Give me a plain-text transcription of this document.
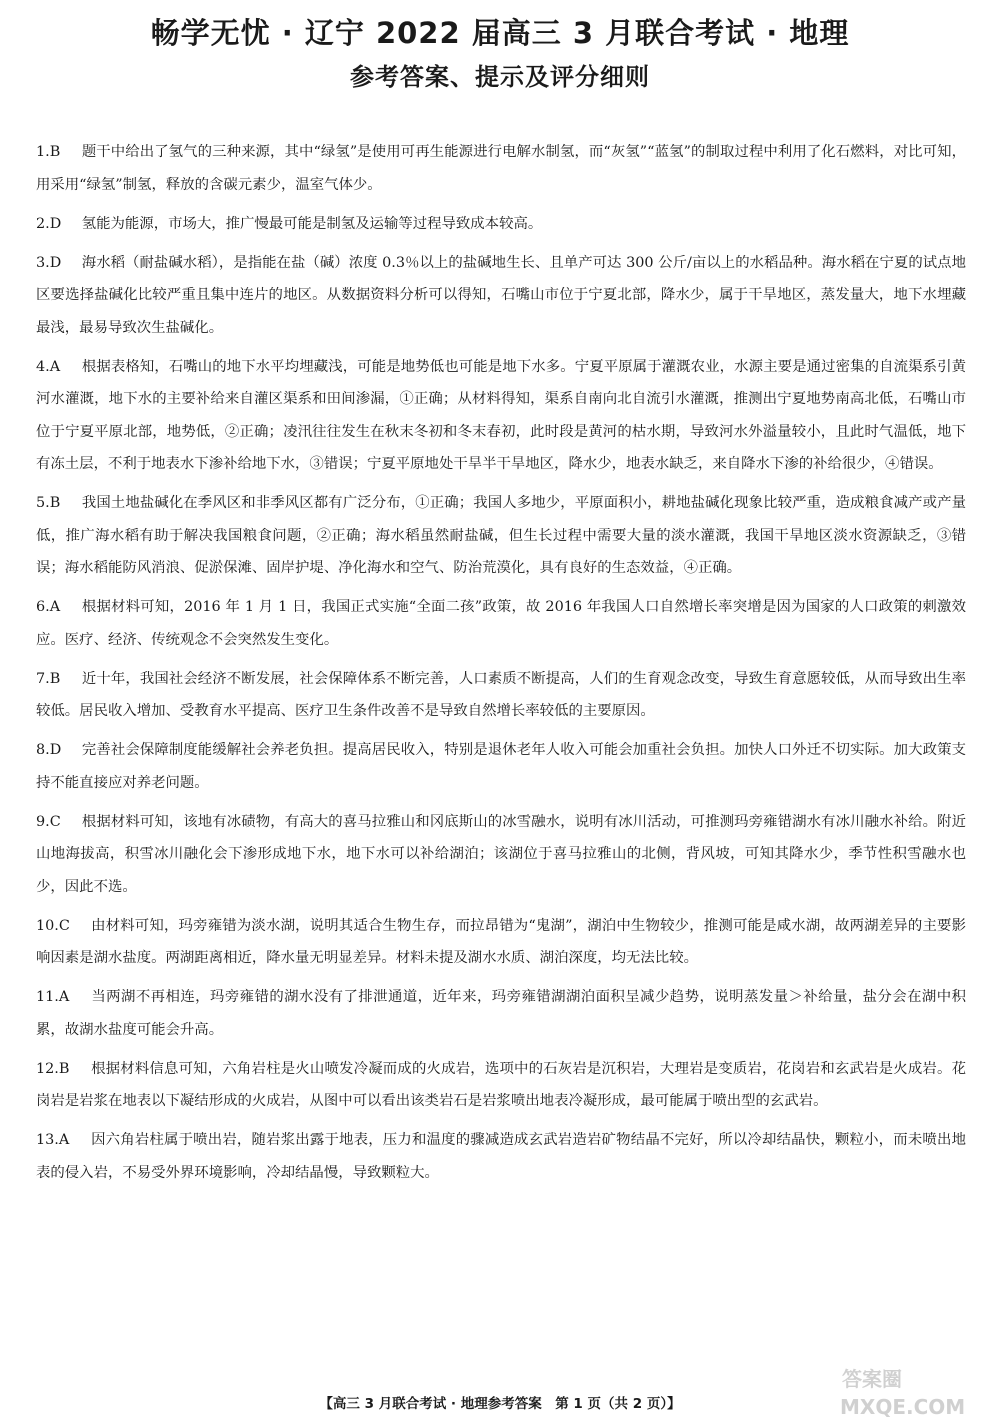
畅学无忧 · 辽宁 2022 届高三 3 月联合考试 · 地理
参考答案、提示及评分细则

1.B 题干中给出了氢气的三种来源，其中“绿氢”是使用可再生能源进行电解水制氢，而“灰氢”“蓝氢”的制取过程中利用了化石燃料，对比可知，用采用“绿氢”制氢，释放的含碳元素少，温室气体少。

2.D 氢能为能源，市场大，推广慢最可能是制氢及运输等过程导致成本较高。

3.D 海水稻（耐盐碱水稻），是指能在盐（碱）浓度 0.3％以上的盐碱地生长、且单产可达 300 公斤/亩以上的水稻品种。海水稻在宁夏的试点地区要选择盐碱化比较严重且集中连片的地区。从数据资料分析可以得知，石嘴山市位于宁夏北部，降水少，属于干旱地区，蒸发量大，地下水埋藏最浅，最易导致次生盐碱化。

4.A 根据表格知，石嘴山的地下水平均埋藏浅，可能是地势低也可能是地下水多。宁夏平原属于灌溉农业，水源主要是通过密集的自流渠系引黄河水灌溉，地下水的主要补给来自灌区渠系和田间渗漏，①正确；从材料得知，渠系自南向北自流引水灌溉，推测出宁夏地势南高北低，石嘴山市位于宁夏平原北部，地势低，②正确；凌汛往往发生在秋末冬初和冬末春初，此时段是黄河的枯水期，导致河水外溢量较小，且此时气温低，地下有冻土层，不利于地表水下渗补给地下水，③错误；宁夏平原地处干旱半干旱地区，降水少，地表水缺乏，来自降水下渗的补给很少，④错误。

5.B 我国土地盐碱化在季风区和非季风区都有广泛分布，①正确；我国人多地少，平原面积小，耕地盐碱化现象比较严重，造成粮食减产或产量低，推广海水稻有助于解决我国粮食问题，②正确；海水稻虽然耐盐碱，但生长过程中需要大量的淡水灌溉，我国干旱地区淡水资源缺乏，③错误；海水稻能防风消浪、促淤保滩、固岸护堤、净化海水和空气、防治荒漠化，具有良好的生态效益，④正确。

6.A 根据材料可知，2016 年 1 月 1 日，我国正式实施“全面二孩”政策，故 2016 年我国人口自然增长率突增是因为国家的人口政策的刺激效应。医疗、经济、传统观念不会突然发生变化。

7.B 近十年，我国社会经济不断发展，社会保障体系不断完善，人口素质不断提高，人们的生育观念改变，导致生育意愿较低，从而导致出生率较低。居民收入增加、受教育水平提高、医疗卫生条件改善不是导致自然增长率较低的主要原因。

8.D 完善社会保障制度能缓解社会养老负担。提高居民收入，特别是退休老年人收入可能会加重社会负担。加快人口外迁不切实际。加大政策支持不能直接应对养老问题。

9.C 根据材料可知，该地有冰碛物，有高大的喜马拉雅山和冈底斯山的冰雪融水，说明有冰川活动，可推测玛旁雍错湖水有冰川融水补给。附近山地海拔高，积雪冰川融化会下渗形成地下水，地下水可以补给湖泊；该湖位于喜马拉雅山的北侧，背风坡，可知其降水少，季节性积雪融水也少，因此不选。

10.C 由材料可知，玛旁雍错为淡水湖，说明其适合生物生存，而拉昂错为“鬼湖”，湖泊中生物较少，推测可能是咸水湖，故两湖差异的主要影响因素是湖水盐度。两湖距离相近，降水量无明显差异。材料未提及湖水水质、湖泊深度，均无法比较。

11.A 当两湖不再相连，玛旁雍错的湖水没有了排泄通道，近年来，玛旁雍错湖湖泊面积呈减少趋势，说明蒸发量＞补给量，盐分会在湖中积累，故湖水盐度可能会升高。

12.B 根据材料信息可知，六角岩柱是火山喷发冷凝而成的火成岩，选项中的石灰岩是沉积岩，大理岩是变质岩，花岗岩和玄武岩是火成岩。花岗岩是岩浆在地表以下凝结形成的火成岩，从图中可以看出该类岩石是岩浆喷出地表冷凝形成，最可能属于喷出型的玄武岩。

13.A 因六角岩柱属于喷出岩，随岩浆出露于地表，压力和温度的骤减造成玄武岩造岩矿物结晶不完好，所以冷却结晶快，颗粒小，而未喷出地表的侵入岩，不易受外界环境影响，冷却结晶慢，导致颗粒大。

【高三 3 月联合考试 · 地理参考答案　第 1 页（共 2 页）】
答案圈
MXQE.COM
